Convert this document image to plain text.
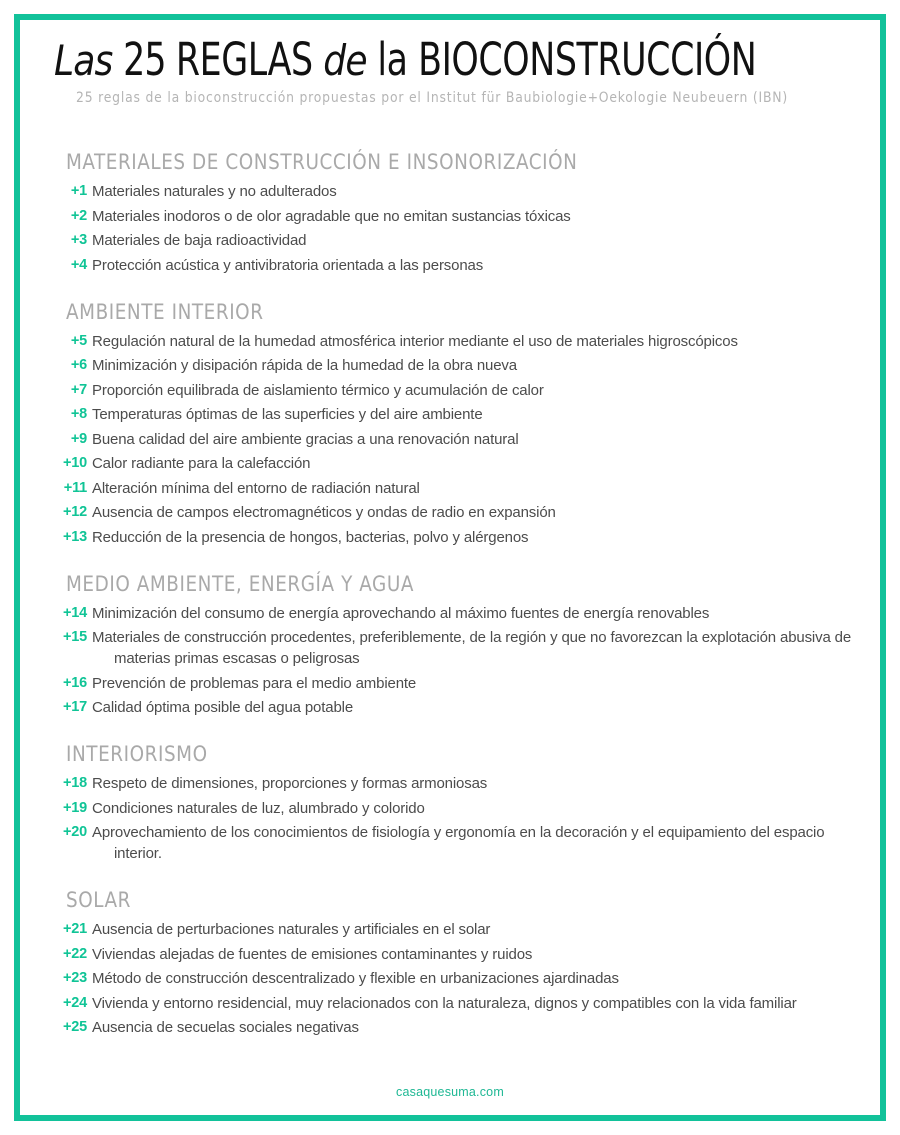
Las 25 REGLAS de la BIOCONSTRUCCIÓN
25 reglas de la bioconstrucción propuestas por el Institut für Baubiologie+Oekologie Neubeuern (IBN)
MATERIALES DE CONSTRUCCIÓN E INSONORIZACIÓN
+1 Materiales naturales y no adulterados
+2 Materiales inodoros o de olor agradable que no emitan sustancias tóxicas
+3 Materiales de baja radioactividad
+4 Protección acústica y antivibratoria orientada a las personas
AMBIENTE INTERIOR
+5 Regulación natural de la humedad atmosférica interior mediante el uso de materiales higroscópicos
+6 Minimización y disipación rápida de la humedad de la obra nueva
+7 Proporción equilibrada de aislamiento térmico y acumulación de calor
+8 Temperaturas óptimas de las superficies y del aire ambiente
+9 Buena calidad del aire ambiente gracias a una renovación natural
+10 Calor radiante para la calefacción
+11 Alteración mínima del entorno de radiación natural
+12 Ausencia de campos electromagnéticos y ondas de radio en expansión
+13 Reducción de la presencia de hongos, bacterias, polvo y alérgenos
MEDIO AMBIENTE, ENERGÍA Y AGUA
+14 Minimización del consumo de energía aprovechando al máximo fuentes de energía renovables
+15 Materiales de construcción procedentes, preferiblemente, de la región y que no favorezcan la explotación abusiva de materias primas escasas o peligrosas
+16 Prevención de problemas para el medio ambiente
+17 Calidad óptima posible del agua potable
INTERIORISMO
+18 Respeto de dimensiones, proporciones y formas armoniosas
+19 Condiciones naturales de luz, alumbrado y colorido
+20 Aprovechamiento de los conocimientos de fisiología y ergonomía en la decoración y el equipamiento del espacio interior.
SOLAR
+21 Ausencia de perturbaciones naturales y artificiales en el solar
+22 Viviendas alejadas de fuentes de emisiones contaminantes y ruidos
+23 Método de construcción descentralizado y flexible en urbanizaciones ajardinadas
+24 Vivienda y entorno residencial, muy relacionados con la naturaleza, dignos y compatibles con la vida familiar
+25 Ausencia de secuelas sociales negativas
casaquesuma.com
